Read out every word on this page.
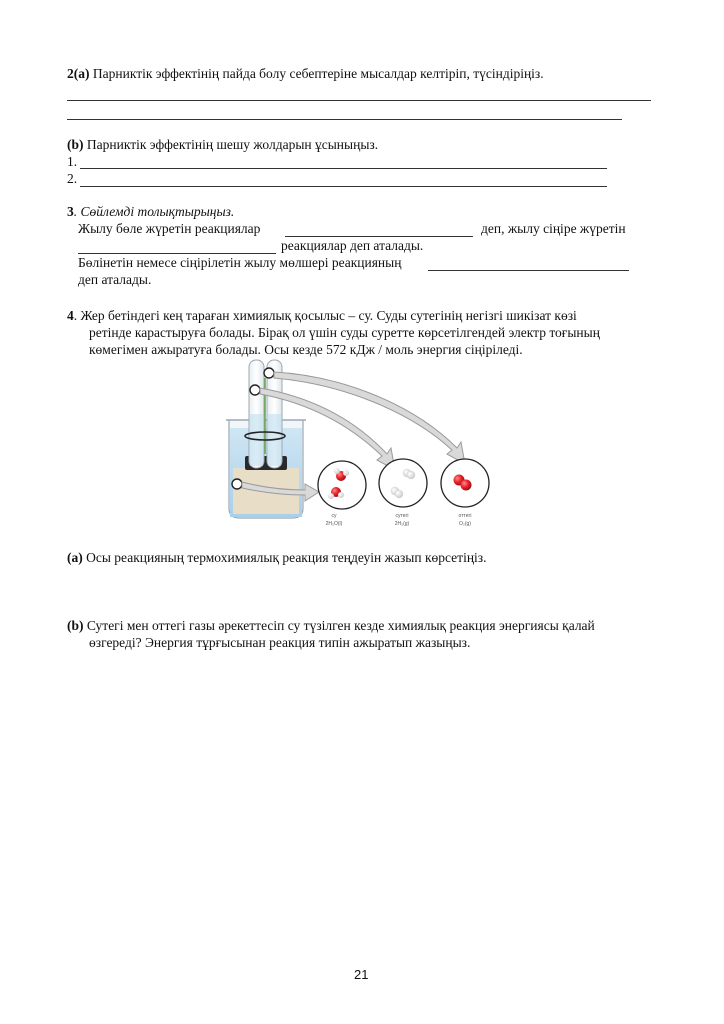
2(a) Парниктік эффектінің пайда болу себептеріне мысалдар келтіріп, түсіндіріңіз.
(b) Парниктік эффектінің шешу жолдарын ұсыныңыз.
1.
2.
3. Сөйлемді толықтырыңыз.
Жылу бөле жүретін реакциялар	деп, жылу сіңіре жүретін
реакциялар деп аталады.
Бөлінетін немесе сіңірілетін жылу мөлшері реакцияның
деп аталады.
4. Жер бетіндегі кең тараған химиялық қосылыс – су. Суды сутегінің негізгі шикізат көзі
ретінде карастыруға болады. Бірақ ол үшін суды суретте көрсетілгендей электр тоғының
көмегімен ажыратуға болады. Осы кезде 572 кДж / моль энергия сіңіріледі.
су
2H₂O(l)
сутегі
2H₂(g)
оттегі
O₂(g)
(a) Осы реакцияның термохимиялық реакция теңдеуін жазып көрсетіңіз.
(b) Сутегі мен оттегі газы әрекеттесіп су түзілген кезде химиялық реакция энергиясы қалай
өзгереді? Энергия тұрғысынан реакция типін ажыратып жазыңыз.
21
